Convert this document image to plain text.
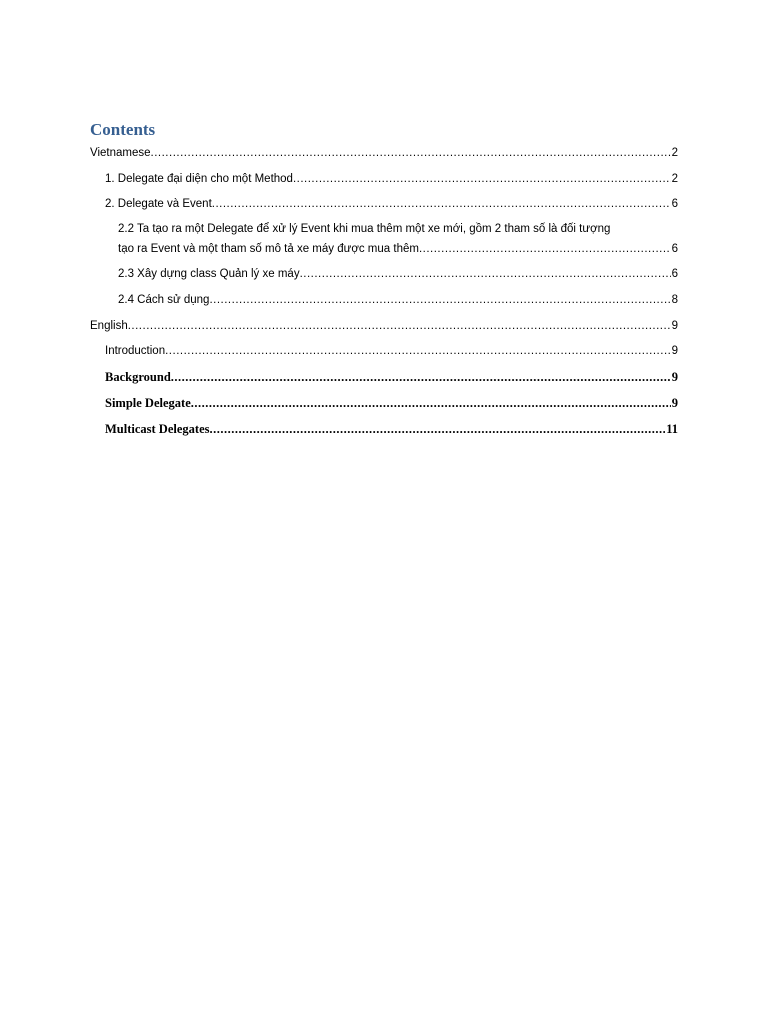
Contents
Vietnamese .....	2
1. Delegate đại diện cho một Method .....	2
2. Delegate và Event .....	6
2.2 Ta tạo ra một Delegate để xử lý Event khi mua thêm một xe mới, gồm 2 tham số là đối tượng
tạo ra Event và một tham số mô tả xe máy được mua thêm .....	6
2.3 Xây dựng class Quản lý xe máy .....	6
2.4 Cách sử dụng .....	8
English .....	9
Introduction .....	9
Background .....	9
Simple Delegate .....	9
Multicast Delegates .....	11
